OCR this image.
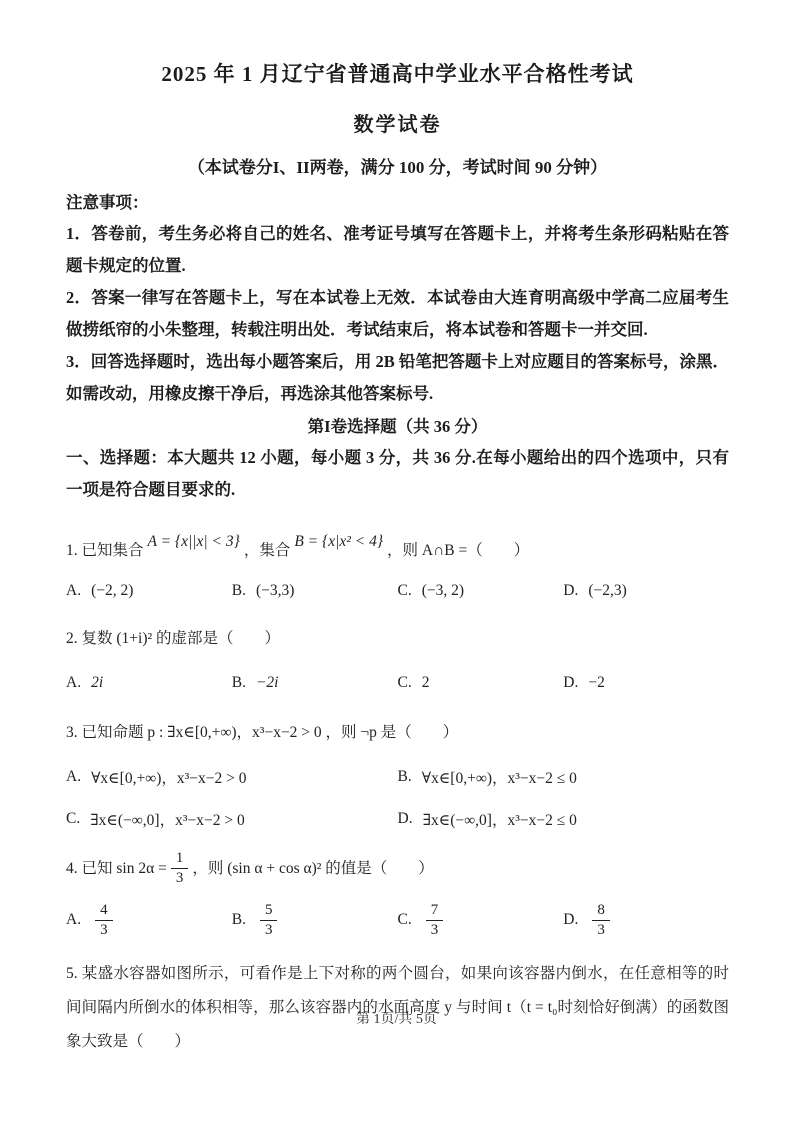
2025 年 1 月辽宁省普通高中学业水平合格性考试
数学试卷
（本试卷分I、II两卷，满分 100 分，考试时间 90 分钟）
注意事项：

1．答卷前，考生务必将自己的姓名、准考证号填写在答题卡上，并将考生条形码粘贴在答题卡规定的位置.

2．答案一律写在答题卡上，写在本试卷上无效．本试卷由大连育明高级中学高二应届考生做捞纸帘的小朱整理，转载注明出处．考试结束后，将本试卷和答题卡一并交回.

3．回答选择题时，选出每小题答案后，用 2B 铅笔把答题卡上对应题目的答案标号，涂黑．如需改动，用橡皮擦干净后，再选涂其他答案标号.

第I卷选择题（共 36 分）

一、选择题：本大题共 12 小题，每小题 3 分，共 36 分.在每小题给出的四个选项中，只有一项是符合题目要求的.

1. 已知集合
A = {x||x| < 3}
，集合
B = {x|x² < 4}
，则 A∩B =（　　）
A. (−2, 2)	B. (−3,3)	C. (−3, 2)	D. (−2,3)

2. 复数 (1+i)² 的虚部是（　　）

A. 2i	B. −2i	C. 2	D. −2

3. 已知命题 p : ∃x∈[0,+∞)，x³−x−2 > 0 ，则 ¬p 是（　　）

A. ∀x∈[0,+∞)，x³−x−2 > 0	B. ∀x∈[0,+∞)，x³−x−2 ≤ 0
C. ∃x∈(−∞,0]，x³−x−2 > 0	D. ∃x∈(−∞,0]，x³−x−2 ≤ 0
4. 已知 $\sin 2\alpha = \frac{1}{3}$ ，则 (sin α + cos α)² 的值是（　　）
A. $\frac{4}{3}$	B. $\frac{5}{3}$	C. $\frac{7}{3}$	D. $\frac{8}{3}$

5. 某盛水容器如图所示，可看作是上下对称的两个圆台，如果向该容器内倒水，在任意相等的时间间隔内所倒水的体积相等，那么该容器内的水面高度 y 与时间 t（t = t₀时刻恰好倒满）的函数图象大致是（　　）

第 1页/共 5页
